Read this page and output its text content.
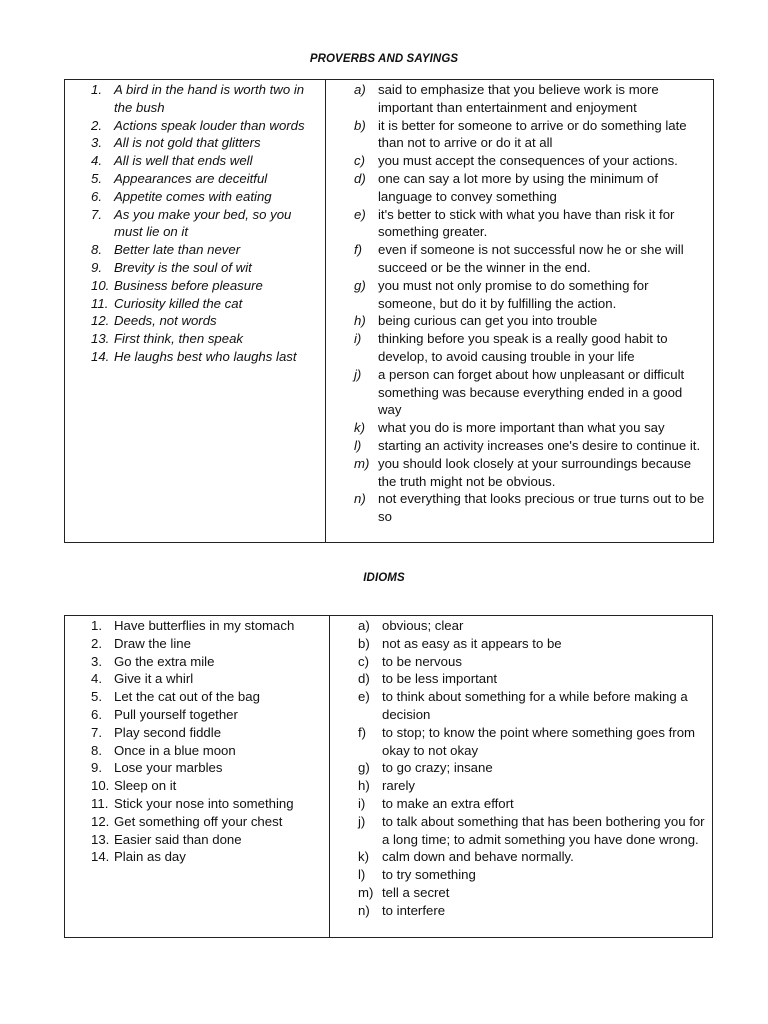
PROVERBS AND SAYINGS
1. A bird in the hand is worth two in the bush
2. Actions speak louder than words
3. All is not gold that glitters
4. All is well that ends well
5. Appearances are deceitful
6. Appetite comes with eating
7. As you make your bed, so you must lie on it
8. Better late than never
9. Brevity is the soul of wit
10. Business before pleasure
11. Curiosity killed the cat
12. Deeds, not words
13. First think, then speak
14. He laughs best who laughs last

a) said to emphasize that you believe work is more important than entertainment and enjoyment
b) it is better for someone to arrive or do something late than not to arrive or do it at all
c) you must accept the consequences of your actions.
d) one can say a lot more by using the minimum of language to convey something
e) it's better to stick with what you have than risk it for something greater.
f)	even if someone is not successful now he or she will succeed or be the winner in the end.
g) you must not only promise to do something for someone, but do it by fulfilling the action.
h) being curious can get you into trouble
i)	thinking before you speak is a really good habit to develop, to avoid causing trouble in your life
j)	a person can forget about how unpleasant or difficult something was because everything ended in a good way
k) what you do is more important than what you say
l)	starting an activity increases one's desire to continue it.
m) you should look closely at your surroundings because the truth might not be obvious.
n) not everything that looks precious or true turns out to be so
IDIOMS
1. Have butterflies in my stomach
2. Draw the line
3. Go the extra mile
4. Give it a whirl
5. Let the cat out of the bag
6. Pull yourself together
7. Play second fiddle
8. Once in a blue moon
9. Lose your marbles
10. Sleep on it
11. Stick your nose into something
12. Get something off your chest
13. Easier said than done
14. Plain as day

a) obvious; clear
b) not as easy as it appears to be
c) to be nervous
d) to be less important
e) to think about something for a while before making a decision
f)	to stop; to know the point where something goes from okay to not okay
g) to go crazy; insane
h) rarely
i)	to make an extra effort
j)	to talk about something that has been bothering you for a long time; to admit something you have done wrong.
k) calm down and behave normally.
l)	to try something
m) tell a secret
n) to interfere
